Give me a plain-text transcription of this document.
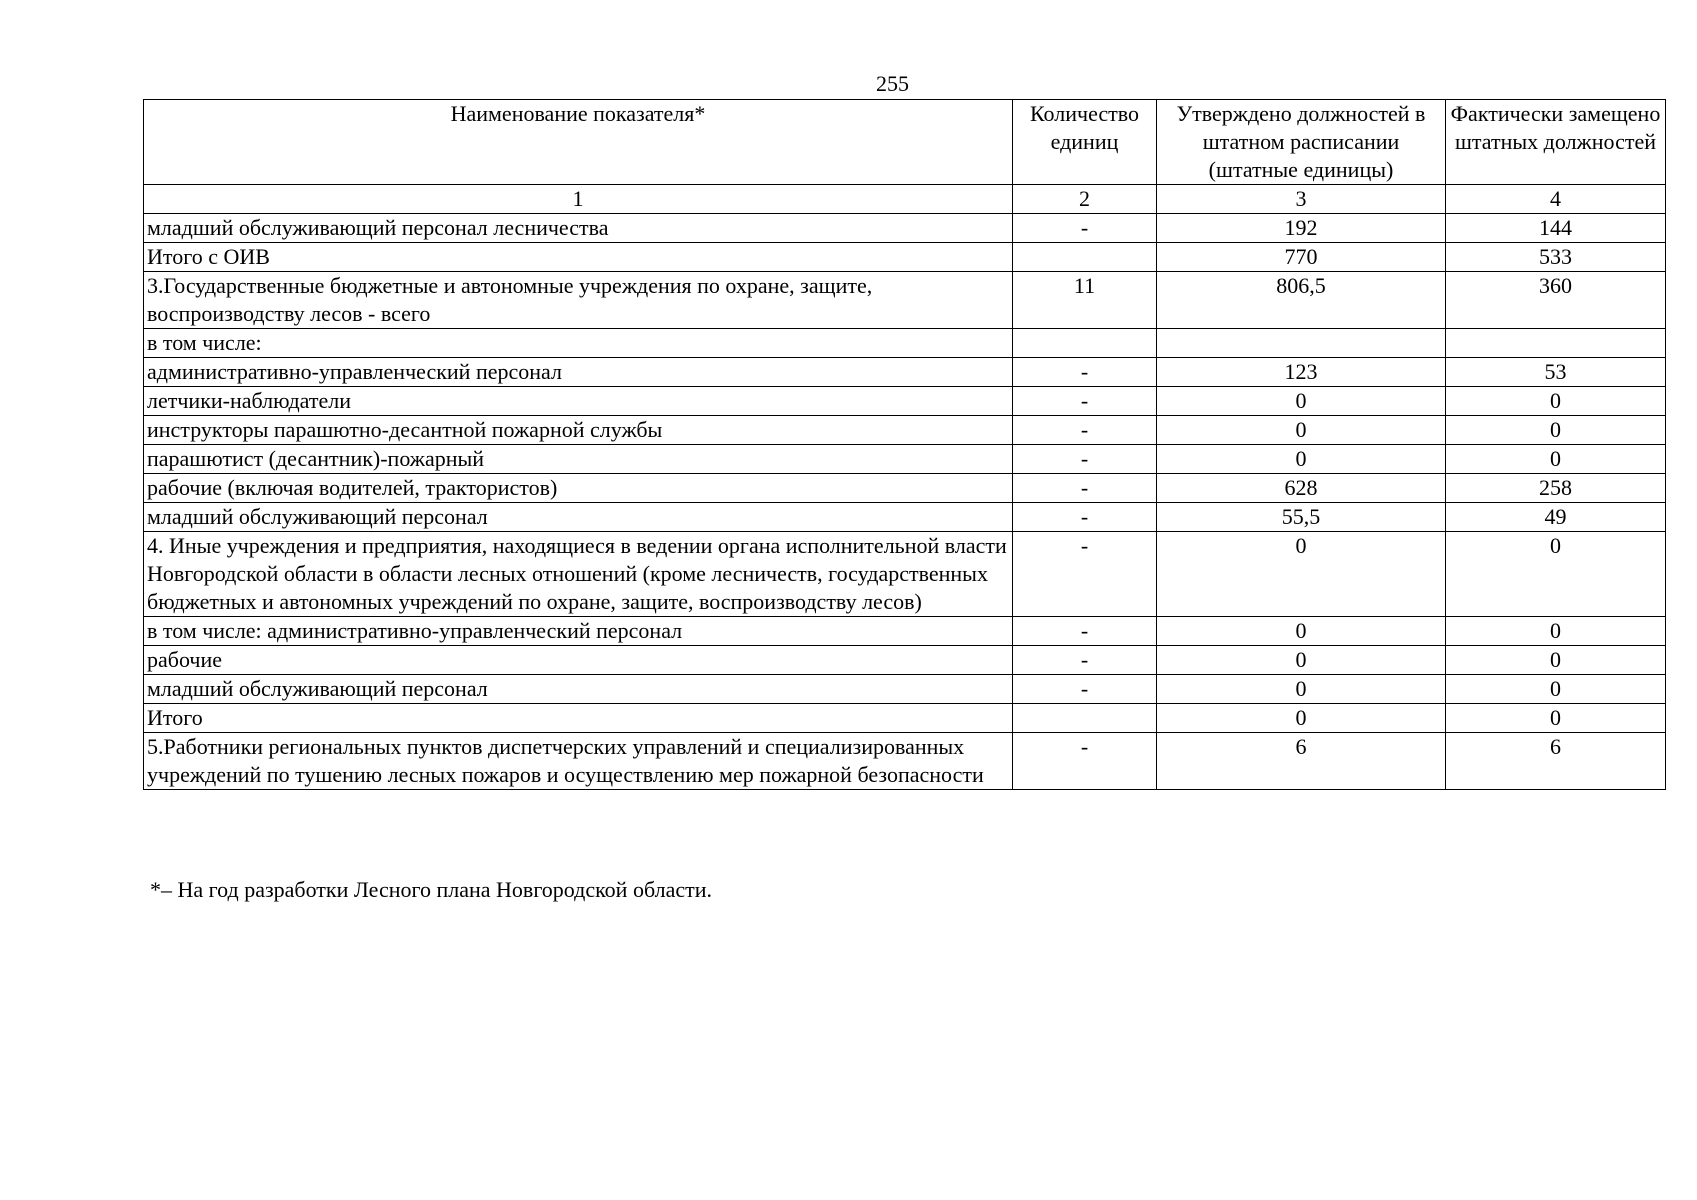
255
Наименование показателя*	Количество единиц	Утверждено должностей в штатном расписании (штатные единицы)	Фактически замещено штатных должностей
1	2	3	4
младший обслуживающий персонал лесничества	-	192	144
Итого с ОИВ		770	533
3.Государственные бюджетные и автономные учреждения по охране, защите, воспроизводству лесов - всего	11	806,5	360
в том числе:			
административно-управленческий персонал	-	123	53
летчики-наблюдатели	-	0	0
инструкторы парашютно-десантной пожарной службы	-	0	0
парашютист (десантник)-пожарный	-	0	0
рабочие (включая водителей, трактористов)	-	628	258
младший обслуживающий персонал	-	55,5	49
4. Иные учреждения и предприятия, находящиеся в ведении органа исполнительной власти Новгородской области в области лесных отношений (кроме лесничеств, государственных бюджетных и автономных учреждений по охране, защите, воспроизводству лесов)	-	0	0
в том числе: административно-управленческий персонал	-	0	0
рабочие	-	0	0
младший обслуживающий персонал	-	0	0
Итого		0	0
5.Работники региональных пунктов диспетчерских управлений и специализированных учреждений по тушению лесных пожаров и осуществлению мер пожарной безопасности	-	6	6
*– На год разработки Лесного плана Новгородской области.
